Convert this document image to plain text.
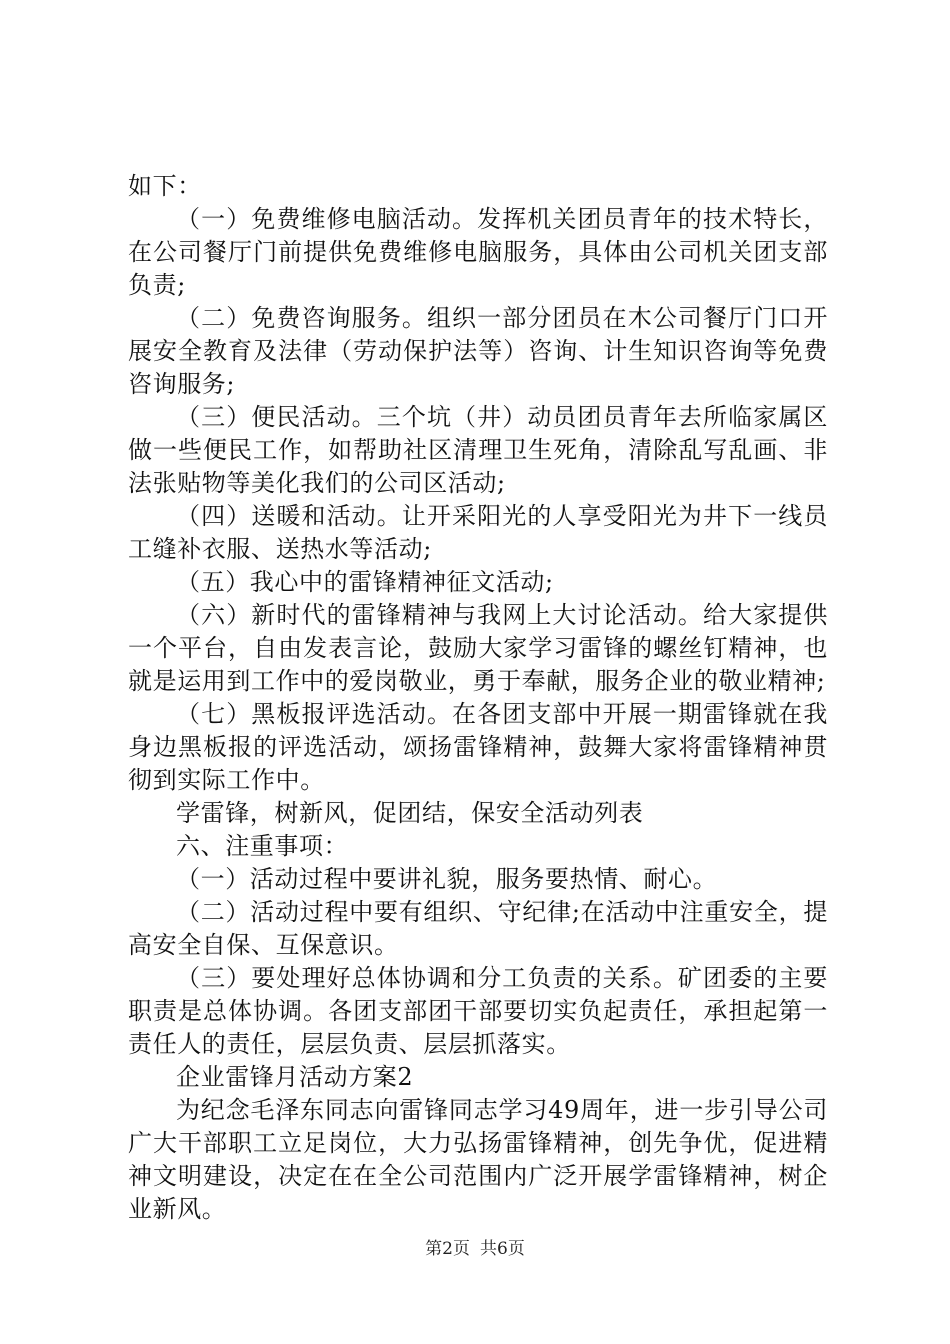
如下：

（一）免费维修电脑活动。发挥机关团员青年的技术特长，在公司餐厅门前提供免费维修电脑服务，具体由公司机关团支部负责;

（二）免费咨询服务。组织一部分团员在木公司餐厅门口开展安全教育及法律（劳动保护法等）咨询、计生知识咨询等免费咨询服务;

（三）便民活动。三个坑（井）动员团员青年去所临家属区做一些便民工作，如帮助社区清理卫生死角，清除乱写乱画、非法张贴物等美化我们的公司区活动;

（四）送暖和活动。让开采阳光的人享受阳光为井下一线员工缝补衣服、送热水等活动;

（五）我心中的雷锋精神征文活动;

（六）新时代的雷锋精神与我网上大讨论活动。给大家提供一个平台，自由发表言论，鼓励大家学习雷锋的螺丝钉精神，也就是运用到工作中的爱岗敬业，勇于奉献，服务企业的敬业精神;

（七）黑板报评选活动。在各团支部中开展一期雷锋就在我身边黑板报的评选活动，颂扬雷锋精神，鼓舞大家将雷锋精神贯彻到实际工作中。

学雷锋，树新风，促团结，保安全活动列表

六、注重事项：

（一）活动过程中要讲礼貌，服务要热情、耐心。

（二）活动过程中要有组织、守纪律;在活动中注重安全，提高安全自保、互保意识。

（三）要处理好总体协调和分工负责的关系。矿团委的主要职责是总体协调。各团支部团干部要切实负起责任，承担起第一责任人的责任，层层负责、层层抓落实。

企业雷锋月活动方案2

为纪念毛泽东同志向雷锋同志学习49周年，进一步引导公司广大干部职工立足岗位，大力弘扬雷锋精神，创先争优，促进精神文明建设，决定在在全公司范围内广泛开展学雷锋精神，树企业新风。

第2页 共6页
